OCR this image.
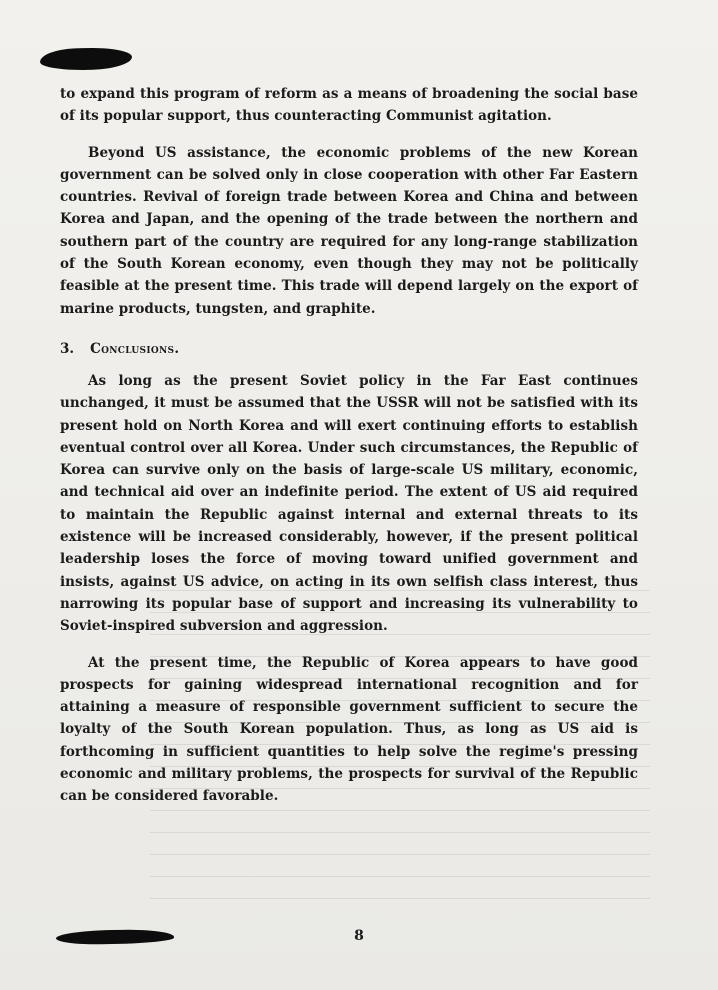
to expand this program of reform as a means of broadening the social base of its popular support, thus counteracting Communist agitation.

Beyond US assistance, the economic problems of the new Korean government can be solved only in close cooperation with other Far Eastern countries. Revival of foreign trade between Korea and China and between Korea and Japan, and the opening of the trade between the northern and southern part of the country are required for any long-range stabilization of the South Korean economy, even though they may not be politically feasible at the present time. This trade will depend largely on the export of marine products, tungsten, and graphite.

3. Conclusions.

As long as the present Soviet policy in the Far East continues unchanged, it must be assumed that the USSR will not be satisfied with its present hold on North Korea and will exert continuing efforts to establish eventual control over all Korea. Under such circumstances, the Republic of Korea can survive only on the basis of large-scale US military, economic, and technical aid over an indefinite period. The extent of US aid required to maintain the Republic against internal and external threats to its existence will be increased considerably, however, if the present political leadership loses the force of moving toward unified government and insists, against US advice, on acting in its own selfish class interest, thus narrowing its popular base of support and increasing its vulnerability to Soviet-inspired subversion and aggression.

At the present time, the Republic of Korea appears to have good prospects for gaining widespread international recognition and for attaining a measure of responsible government sufficient to secure the loyalty of the South Korean population. Thus, as long as US aid is forthcoming in sufficient quantities to help solve the regime's pressing economic and military problems, the prospects for survival of the Republic can be considered favorable.

8
